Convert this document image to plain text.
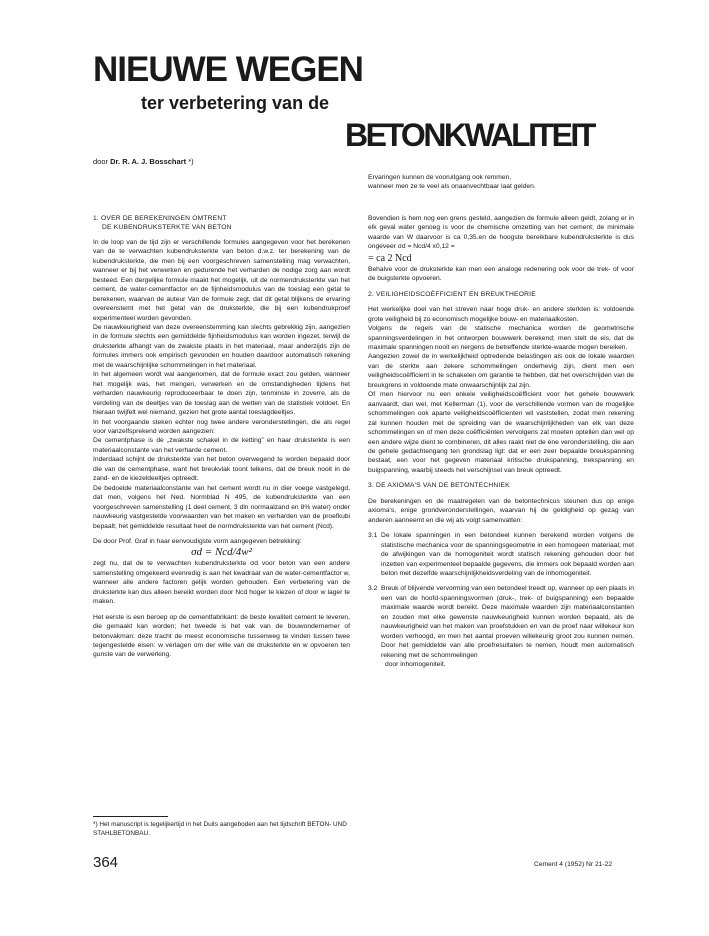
NIEUWE WEGEN
ter verbetering van de
BETONKWALITEIT

door Dr. R. A. J. Bosschart *)

Ervaringen kunnen de vooruitgang ook remmen,

wanneer men ze te veel als onaanvechtbaar laat gelden.

1. OVER DE BEREKENINGEN OMTRENT

DE KUBENDRUKSTERKTE VAN BETON

In de loop van de tijd zijn er verschillende formules aangegeven voor het berekenen van de te verwachten kubendruksterkte van beton d.w.z. ter berekening van de kubendruksterkte, die men bij een voorgeschreven samenstelling mag verwachten, wanneer er bij het verwerken en gedurende het verharden de nodige zorg aan wordt besteed. Een dergelijke formule maakt het mogelijk, uit de normendruksterkte van het cement, de water-cementfactor en de fijnheidsmodulus van de toeslag een getal te berekenen, waarvan de auteur Van de formule zegt, dat dit getal blijkens de ervaring overeenstemt met het getal van de druksterkte, die bij een kubendrukproef experimenteel worden gevonden.

De nauwkeurigheid van deze overeenstemming kan slechts gebrekkig zijn, aangezien in de formule slechts een gemiddelde fijnheidsmodulus kan worden ingezet, terwijl de druksterkte afhangt van de zwakste plaats in het materiaal, maar anderzijds zijn de formules immers ook empirisch gevonden en houden daardoor automatisch rekening met de waarschijnlijke schommelingen in het materiaal.

In het algemeen wordt wal aangenomen, dat de formule exact zou gelden, wanneer het mogelijk was, het mengen, verwerken en de omstandigheden tijdens het verharden nauwkeurig reproduceerbaar te doen zijn, tenminste in zoverre, als de verdeling van de deeltjes van de toeslag aan de wetten van de statistiek voldoet. En hieraan twijfelt wel niemand, gezien het grote aantal toeslagdeeltjes.

In het voorgaande steken echter nog twee andere veronderstellingen, die als regel voor vanzelfsprekend worden aangezien:

De cementphase is de „zwakste schakel in de ketting” en haar druksterkte is een materiaalconstante van het verharde cement.

Inderdaad schijnt de druksterkte van het beton overwegend te worden bepaald door die van de cementphase, want het breukvlak toont telkens, dat de breuk nooit in de zand- en de kiezeldeeltjes optreedt.

De bedoelde materiaalconstante van het cement wordt nu in dier voege vastgelegd, dat men, volgens het Ned. Normblad N 495, de kubendruksterkte van een voorgeschreven samenstelling (1 deel cement, 3 dln normaalzand en 8% water) onder nauwkeurig vastgestelde voorwaarden van het maken en verharden van de proefkubi bepaalt; het gemiddelde resultaat heet de normdruksterkte van het cement (Ncd).

De door Prof. Graf in haar eenvoudigste vorm aangegeven betrekking:

σd = Ncd/4w²

zegt nu, dat de te verwachten kubendruksterkte σd voor beton van een andere samenstelling omgekeerd evenredig is aan het kwadraat van de water-cementfactor w, wanneer alle andere factoren gelijk worden gehouden. Een verbetering van de druksterkte kan dus alleen bereikt worden door Ncd hoger te kiezen of door w lager te maken.

Het eerste is een beroep op de cementfabrikant: de beste kwaliteit cement te leveren, die gemaakt kan worden; het tweede is het vak van de bouwondernemer of betonvakman: deze tracht de meest economische tussenweg te vinden tussen twee tegengestelde eisen: w verlagen om der wille van de druksterkte en w opvoeren ten gunste van de verwerking.

Bovendien is hem nog een grens gesteld, aangezien de formule alleen geldt, zolang er in elk geval water genoeg is voor de chemische omzetting van het cement; de minimale waarde van W daarvoor is ca 0,35.en de hoogste bereikbare kubendruksterkte is dus ongeveer σd = Ncd/4 x0,12 =

= ca 2 Ncd

Behalve voor de druksterkte kan men een analoge redenering ook voor de trek- of voor de buigsterkte opvoeren.

2. VEILIGHEIDSCOËFFICIENT EN BREUKTHEORIE

Het werkelijke doel van het streven naar hoge druk- en andere sterkten is: voldoende grote veiligheid bij zo economisch mogelijke bouw- en materiaalkosten.

Volgens de regels van de statische mechanica worden de geometrische spanningsverdelingen in het ontworpen bouwwerk berekend; men stelt de eis, dat de maximale spanningen nooit en nergens de betreffende sterkte-waarde mogen bereiken.

Aangezien zowel de in werkelijkheid optredende belastingen als ook de lokale waarden van de sterkte aan zekere schommelingen onderhevig zijn, dient men een veiligheidscoëfficient in te schakelen om garantie te hebben, dat het overschrijden van de breukgrens in voldoende mate onwaarschijnlijk zal zijn.

Of men hiervoor nu een enkele veiligheidscoëfficient voor het gehele bouwwerk aanvaardt, dan wel, met Kellerman (1), voor de verschillende vormen van de mogelijke schommelingen ook aparte veiligheidscoëfficienten wil vaststellen, zodat men rekening zal kunnen houden met de spreiding van de waarschijnlijkheden van elk van deze schommelingen en of men deze coëfficiënten vervolgens zal moeten optellen dan wel op een andere wijze dient te combineren, dit alles raakt niet de éne veronderstelling, die aan de gehele gedachtengang ten grondslag ligt: dat er een zeer bepaalde breukspanning bestaat, een voor het gegeven materiaal kritische drukspanning, trekspanning en buigspanning, waarbij steeds het verschijnsel van breuk optreedt.

3. DE AXIOMA'S VAN DE BETONTECHNIEK

De berekeningen en de maatregelen van de betontechnicus steunen dus op enige axioma's, enige grondveronderstellingen, waarvan hij de geldigheid op gezag van anderen aanneemt en die wij als volgt samenvatten:

3.1 De lokale spanningen in een betondeel kunnen berekend worden volgens de statistische mechanica voor de spanningsgeometrie in een homogeen materiaal; met de afwijkingen van de homogeniteit wordt statisch rekening gehouden door het inzetten van experimenteel bepaalde gegevens, die immers ook bepaald worden aan beton met dezelfde waarschijnlijkheidsverdeling van de inhomogeniteit.

3.2 Breuk of blijvende vervorming van een betondeel treedt op, wanneer op een plaats in een van de hoofd-spanningsvormen (druk-, trek- of buigspanning) een bepaalde maximale waarde wordt bereikt. Deze maximale waarden zijn materiaalconstanten en zouden met elke gewenste nauwkeurigheid kunnen worden bepaald, als de nauwkeurigheid van het maken van proefstukken en van de proef naar willekeur kon worden verhoogd, en men het aantal proeven willekeurig groot zou kunnen nemen. Door het gemiddelde van alle proefresultaten te nemen, houdt men automatisch rekening met de schommelingen

door inhomogeniteit.

*) Het manuscript is tegelijkertijd in het Duits aangeboden aan het tijdschrift BETON- UND STAHLBETONBAU.

364	Cement 4 (1952) Nr 21-22
